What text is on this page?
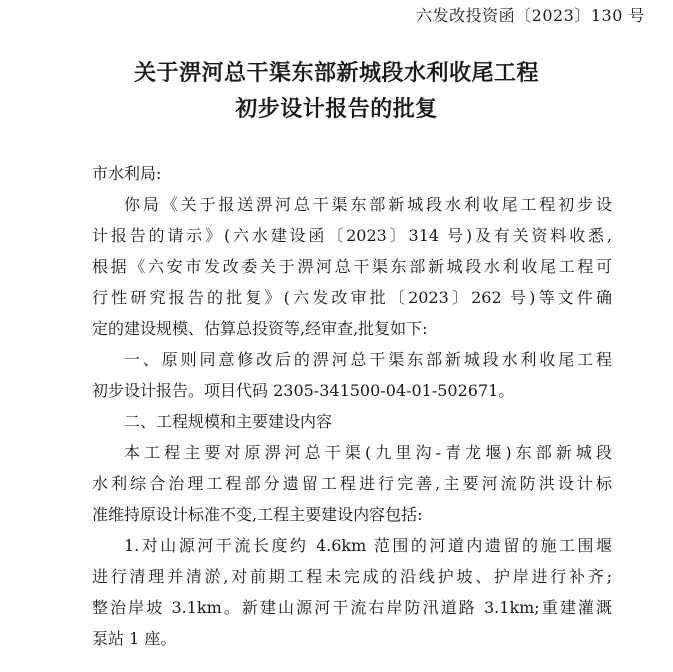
六发改投资函〔2023〕130 号
关于淠河总干渠东部新城段水利收尾工程
初步设计报告的批复

市水利局:

你局《关于报送淠河总干渠东部新城段水利收尾工程初步设
计报告的请示》(六水建设函〔2023〕314 号)及有关资料收悉,
根据《六安市发改委关于淠河总干渠东部新城段水利收尾工程可
行性研究报告的批复》(六发改审批〔2023〕262 号)等文件确
定的建设规模、估算总投资等,经审查,批复如下:

一、原则同意修改后的淠河总干渠东部新城段水利收尾工程
初步设计报告。项目代码 2305-341500-04-01-502671。

二、工程规模和主要建设内容

本工程主要对原淠河总干渠(九里沟-青龙堰)东部新城段
水利综合治理工程部分遗留工程进行完善,主要河流防洪设计标
准维持原设计标准不变,工程主要建设内容包括:

1.对山源河干流长度约 4.6km 范围的河道内遗留的施工围堰
进行清理并清淤,对前期工程未完成的沿线护坡、护岸进行补齐;
整治岸坡 3.1km。新建山源河干流右岸防汛道路 3.1km;重建灌溉
泵站 1 座。
